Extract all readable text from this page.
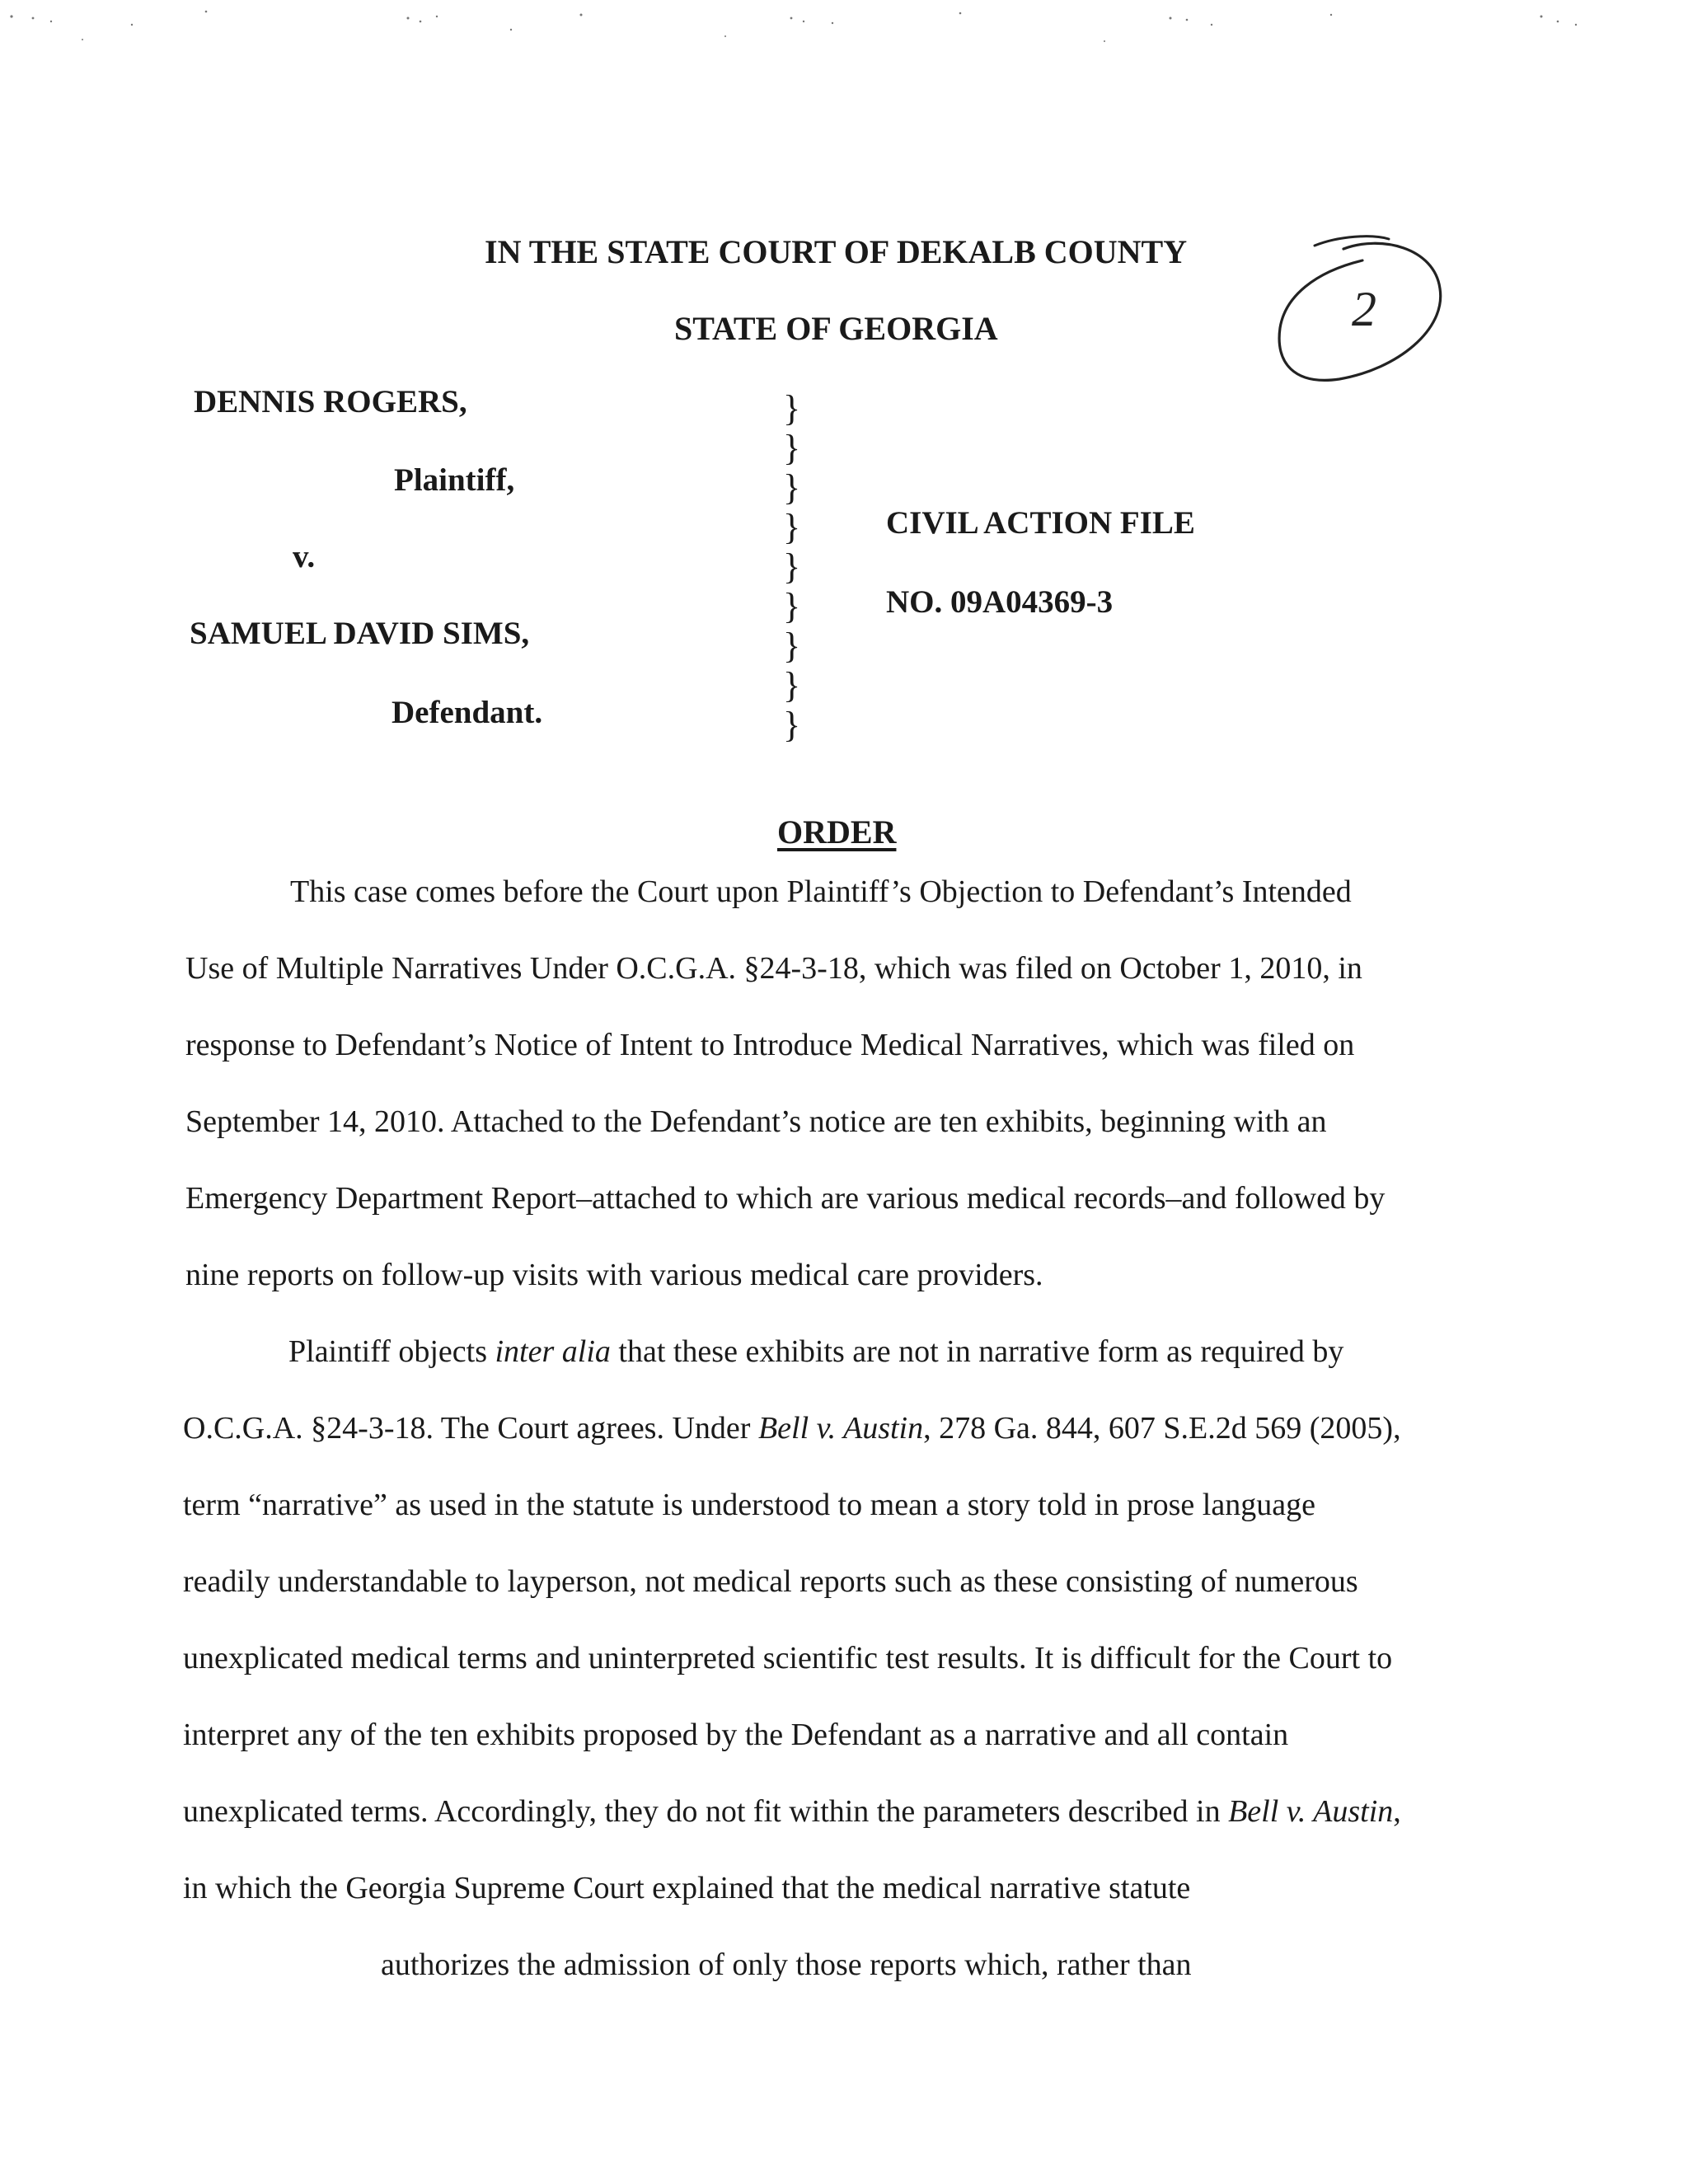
IN THE STATE COURT OF DEKALB COUNTY
STATE OF GEORGIA	2
DENNIS ROGERS,
Plaintiff,
v.
SAMUEL DAVID SIMS,
Defendant.
}
}
}
}
}
}
}
}
}
CIVIL ACTION FILE
NO. 09A04369-3
ORDER
This case comes before the Court upon Plaintiff’s Objection to Defendant’s Intended
Use of Multiple Narratives Under O.C.G.A. §24-3-18, which was filed on October 1, 2010, in
response to Defendant’s Notice of Intent to Introduce Medical Narratives, which was filed on
September 14, 2010. Attached to the Defendant’s notice are ten exhibits, beginning with an
Emergency Department Report–attached to which are various medical records–and followed by
nine reports on follow-up visits with various medical care providers.
Plaintiff objects inter alia that these exhibits are not in narrative form as required by
O.C.G.A. §24-3-18. The Court agrees. Under Bell v. Austin, 278 Ga. 844, 607 S.E.2d 569 (2005),
term “narrative” as used in the statute is understood to mean a story told in prose language
readily understandable to layperson, not medical reports such as these consisting of numerous
unexplicated medical terms and uninterpreted scientific test results. It is difficult for the Court to
interpret any of the ten exhibits proposed by the Defendant as a narrative and all contain
unexplicated terms. Accordingly, they do not fit within the parameters described in Bell v. Austin,
in which the Georgia Supreme Court explained that the medical narrative statute
authorizes the admission of only those reports which, rather than
